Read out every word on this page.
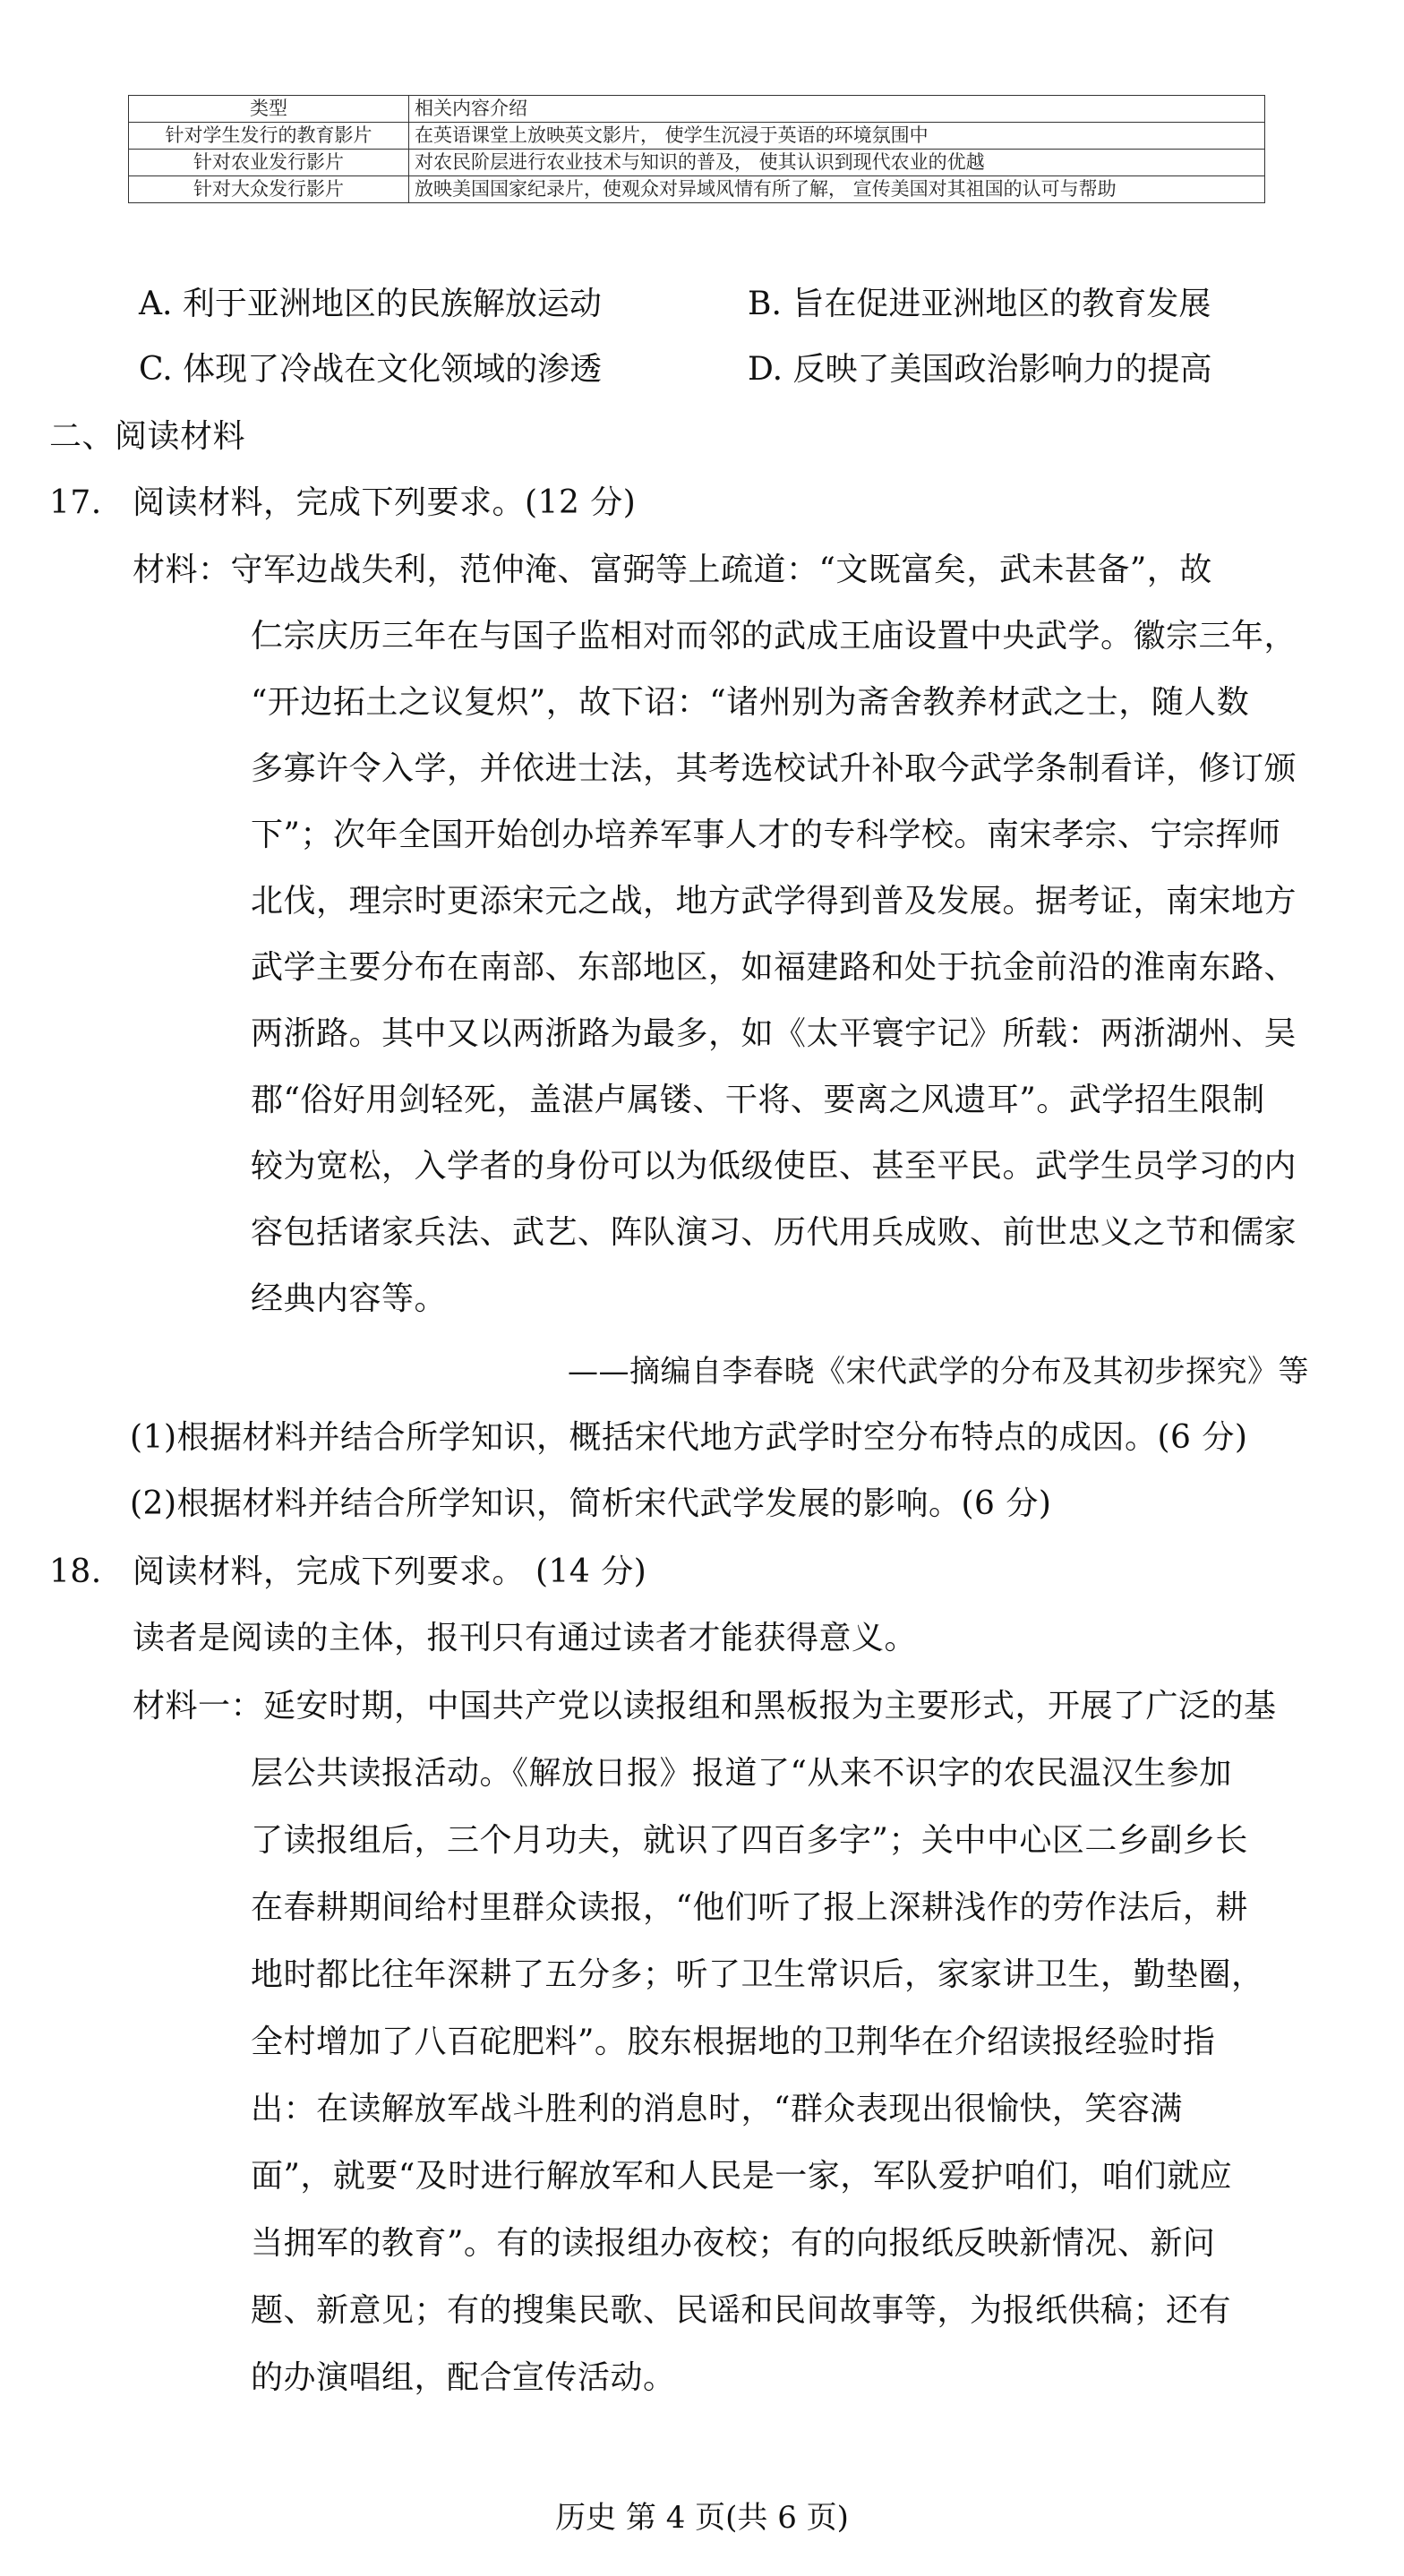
类型	相关内容介绍
针对学生发行的教育影片	在英语课堂上放映英文影片， 使学生沉浸于英语的环境氛围中
针对农业发行影片	对农民阶层进行农业技术与知识的普及， 使其认识到现代农业的优越
针对大众发行影片	放映美国国家纪录片，使观众对异域风情有所了解， 宣传美国对其祖国的认可与帮助
A. 利于亚洲地区的民族解放运动	B. 旨在促进亚洲地区的教育发展
C. 体现了冷战在文化领域的渗透	D. 反映了美国政治影响力的提高
二、阅读材料
17. 阅读材料，完成下列要求。(12 分)
材料：守军边战失利，范仲淹、富弼等上疏道：“文既富矣，武未甚备”，故
仁宗庆历三年在与国子监相对而邻的武成王庙设置中央武学。徽宗三年，
“开边拓土之议复炽”，故下诏：“诸州别为斋舍教养材武之士，随人数
多寡许令入学，并依进士法，其考选校试升补取今武学条制看详，修订颁
下”；次年全国开始创办培养军事人才的专科学校。南宋孝宗、宁宗挥师
北伐，理宗时更添宋元之战，地方武学得到普及发展。据考证，南宋地方
武学主要分布在南部、东部地区，如福建路和处于抗金前沿的淮南东路、
两浙路。其中又以两浙路为最多，如《太平寰宇记》所载：两浙湖州、吴
郡“俗好用剑轻死，盖湛卢属镂、干将、要离之风遗耳”。武学招生限制
较为宽松，入学者的身份可以为低级使臣、甚至平民。武学生员学习的内
容包括诸家兵法、武艺、阵队演习、历代用兵成败、前世忠义之节和儒家
经典内容等。
——摘编自李春晓《宋代武学的分布及其初步探究》等
(1)根据材料并结合所学知识，概括宋代地方武学时空分布特点的成因。(6 分)
(2)根据材料并结合所学知识，简析宋代武学发展的影响。(6 分)
18. 阅读材料，完成下列要求。 (14 分)
读者是阅读的主体，报刊只有通过读者才能获得意义。
材料一：延安时期，中国共产党以读报组和黑板报为主要形式，开展了广泛的基
层公共读报活动。《解放日报》报道了“从来不识字的农民温汉生参加
了读报组后，三个月功夫，就识了四百多字”；关中中心区二乡副乡长
在春耕期间给村里群众读报，“他们听了报上深耕浅作的劳作法后，耕
地时都比往年深耕了五分多；听了卫生常识后，家家讲卫生，勤垫圈，
全村增加了八百砣肥料”。胶东根据地的卫荆华在介绍读报经验时指
出：在读解放军战斗胜利的消息时，“群众表现出很愉快，笑容满
面”，就要“及时进行解放军和人民是一家，军队爱护咱们，咱们就应
当拥军的教育”。有的读报组办夜校；有的向报纸反映新情况、新问
题、新意见；有的搜集民歌、民谣和民间故事等，为报纸供稿；还有
的办演唱组，配合宣传活动。
历史 第 4 页(共 6 页)
